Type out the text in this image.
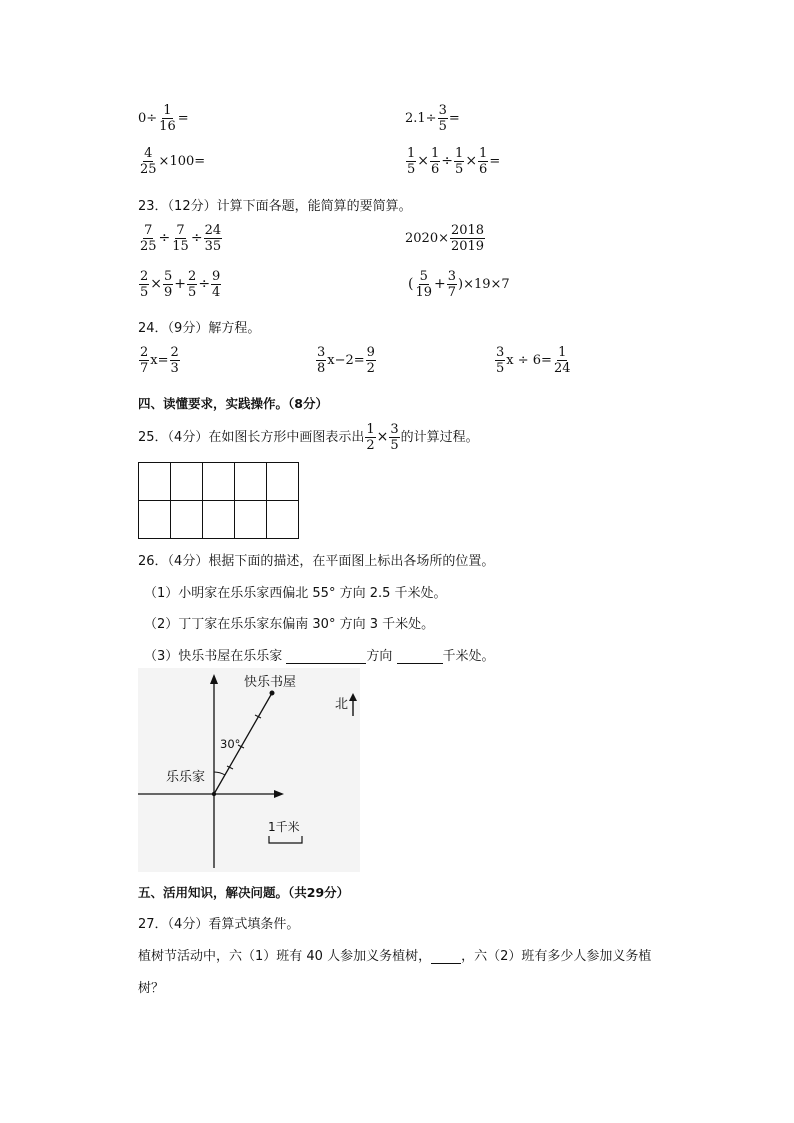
$0\div \frac{1}{16}$ =	$2.1\div \frac{3}{5}$ =
$\frac{4}{25} \times 100=$	$\frac{1}{5} \times \frac{1}{6} \div \frac{1}{5} \times \frac{1}{6}$ =
23．（12分）计算下面各题，能简算的要简算。
$\frac{7}{25} \div \frac{7}{15} \div \frac{24}{35}$	$2020\times \frac{2018}{2019}$
$\frac{2}{5} \times \frac{5}{9} + \frac{2}{5} \div \frac{9}{4}$	( $\frac{5}{19} + \frac{3}{7} )\times 19\times 7$
24．（9分）解方程。
$\frac{2}{7} x= \frac{2}{3}$	$\frac{3}{8} x-2= \frac{9}{2}$	$\frac{3}{5}$ $x \div 6= \frac{1}{24}$
四、读懂要求，实践操作。（8分）
25．（4分）在如图长方形中画图表示出 $\frac{1}{2} \times \frac{3}{5}$ 的计算过程。

26．（4分）根据下面的描述，在平面图上标出各场所的位置。
（1）小明家在乐乐家西偏北 55° 方向 2.5 千米处。
（2）丁丁家在乐乐家东偏南 30° 方向 3 千米处。
（3）快乐书屋在乐乐家	方向	千米处。
快乐书屋
30°
乐乐家
北
1千米
五、活用知识，解决问题。（共29分）
27．（4分）看算式填条件。
植树节活动中，六（1）班有 40 人参加义务植树， ，六（2）班有多少人参加义务植
树？
